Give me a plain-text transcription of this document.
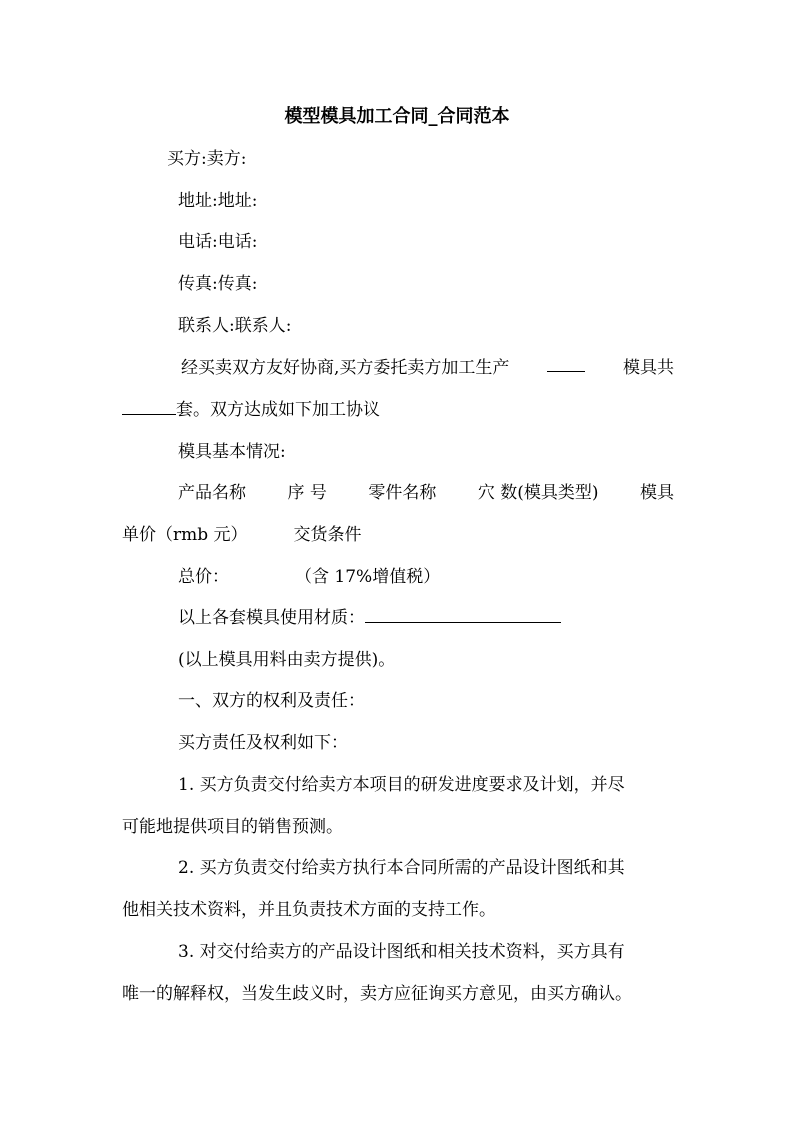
模型模具加工合同_合同范本
买方:卖方:
地址:地址:
电话:电话:
传真:传真:
联系人:联系人:
经买卖双方友好协商,买方委托卖方加工生产	模具共
套。双方达成如下加工协议
模具基本情况:
产品名称 序 号 零件名称 穴 数(模具类型) 模具
单价（rmb 元）	交货条件
总价：	（含 17%增值税）
以上各套模具使用材质：
(以上模具用料由卖方提供)。
一、双方的权利及责任：
买方责任及权利如下：
1. 买方负责交付给卖方本项目的研发进度要求及计划，并尽
可能地提供项目的销售预测。
2. 买方负责交付给卖方执行本合同所需的产品设计图纸和其
他相关技术资料，并且负责技术方面的支持工作。
3. 对交付给卖方的产品设计图纸和相关技术资料，买方具有
唯一的解释权，当发生歧义时，卖方应征询买方意见，由买方确认。
